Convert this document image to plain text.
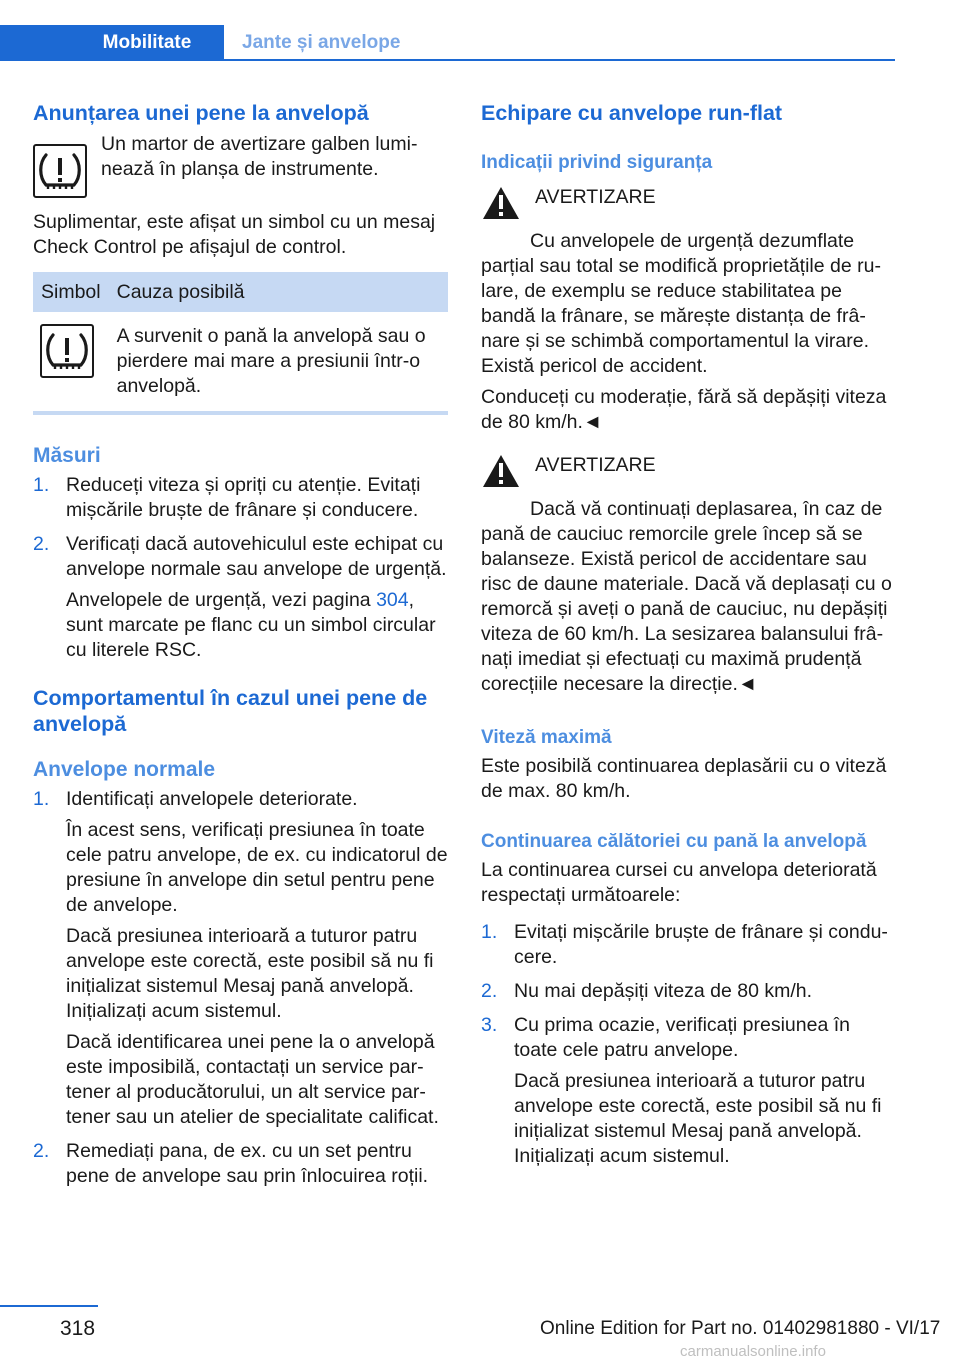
Mobilitate	Jante și anvelope
Anunțarea unei pene la anvelopă

Un martor de avertizare galben luminează în planșa de instrumente.

Suplimentar, este afișat un simbol cu un mesaj Check Control pe afișajul de control.

Simbol	Cauza posibilă

	A survenit o pană la anvelopă sau o pierdere mai mare a presiunii într-o anvelopă.
Măsuri
1. Reduceți viteza și opriți cu atenție. Evitați mișcările bruște de frânare și conducere.

2. Verificați dacă autovehiculul este echipat cu anvelope normale sau anvelope de urgență.

Anvelopele de urgență, vezi pagina 304, sunt marcate pe flanc cu un simbol circular cu literele RSC.

Comportamentul în cazul unei pene de anvelopă
Anvelope normale
1. Identificați anvelopele deteriorate.

În acest sens, verificați presiunea în toate cele patru anvelope, de ex. cu indicatorul de presiune în anvelope din setul pentru pene de anvelope.

Dacă presiunea interioară a tuturor patru anvelope este corectă, este posibil să nu fi inițializat sistemul Mesaj pană anvelopă. Inițializați acum sistemul.

Dacă identificarea unei pene la o anvelopă este imposibilă, contactați un service partener al producătorului, un alt service partener sau un atelier de specialitate calificat.

2. Remediați pana, de ex. cu un set pentru pene de anvelope sau prin înlocuirea roții.

Echipare cu anvelope run-flat
Indicații privind siguranța

AVERTIZARE

Cu anvelopele de urgență dezumflate parțial sau total se modifică proprietățile de rulare, de exemplu se reduce stabilitatea pe bandă la frânare, se mărește distanța de frânare și se schimbă comportamentul la virare. Există pericol de accident.

Conduceți cu moderație, fără să depășiți viteza de 80 km/h.◄

AVERTIZARE

Dacă vă continuați deplasarea, în caz de pană de cauciuc remorcile grele încep să se balanseze. Există pericol de accidentare sau risc de daune materiale. Dacă vă deplasați cu o remorcă și aveți o pană de cauciuc, nu depășiți viteza de 60 km/h. La sesizarea balansului frânați imediat și efectuați cu maximă prudență corecțiile necesare la direcție.◄

Viteză maximă

Este posibilă continuarea deplasării cu o viteză de max. 80 km/h.

Continuarea călătoriei cu pană la anvelopă

La continuarea cursei cu anvelopa deteriorată respectați următoarele:

1. Evitați mișcările bruște de frânare și conducere.

2. Nu mai depășiți viteza de 80 km/h.

3. Cu prima ocazie, verificați presiunea în toate cele patru anvelope.

Dacă presiunea interioară a tuturor patru anvelope este corectă, este posibil să nu fi inițializat sistemul Mesaj pană anvelopă. Inițializați acum sistemul.

318	Online Edition for Part no. 01402981880 - VI/17
carmanualsonline.info
